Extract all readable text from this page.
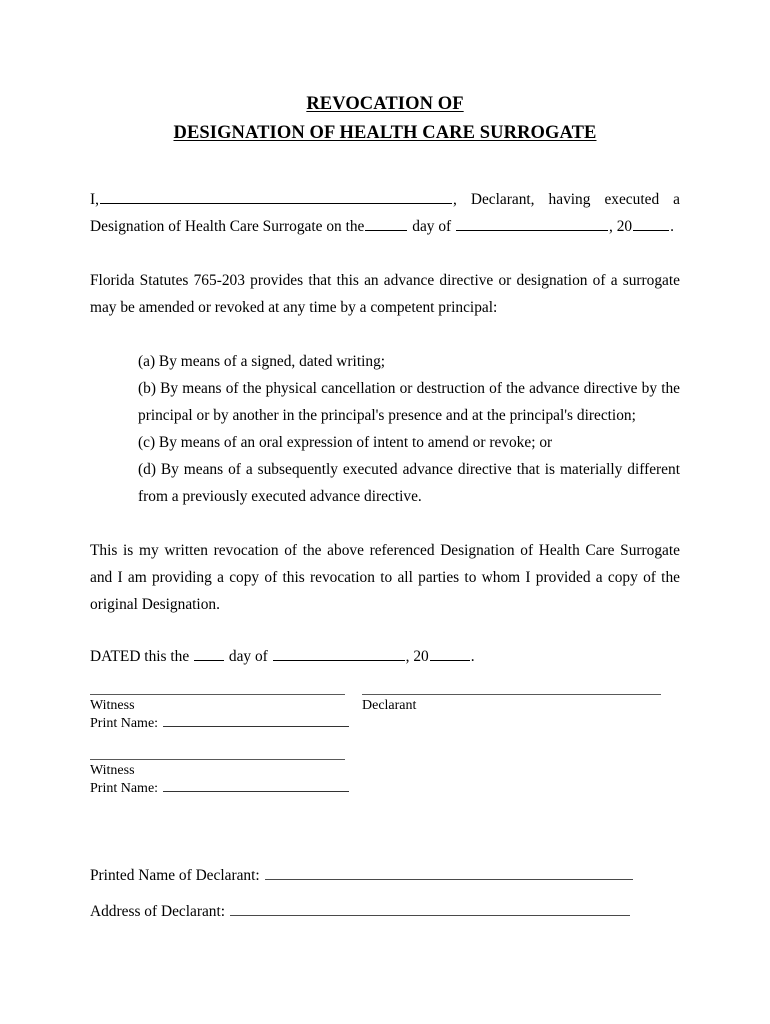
REVOCATION OF
DESIGNATION OF HEALTH CARE SURROGATE

I,	, Declarant, having executed a Designation of Health Care Surrogate on the	day of	, 20 .

Florida Statutes 765-203 provides that this an advance directive or designation of a surrogate may be amended or revoked at any time by a competent principal:

(a) By means of a signed, dated writing;

(b) By means of the physical cancellation or destruction of the advance directive by the principal or by another in the principal's presence and at the principal's direction;

(c) By means of an oral expression of intent to amend or revoke; or

(d) By means of a subsequently executed advance directive that is materially different from a previously executed advance directive.

This is my written revocation of the above referenced Designation of Health Care Surrogate and I am providing a copy of this revocation to all parties to whom I provided a copy of the original Designation.

DATED this the	day of	, 20	.
Witness
Print Name:
Declarant
Witness
Print Name:
Printed Name of Declarant:
Address of Declarant:
